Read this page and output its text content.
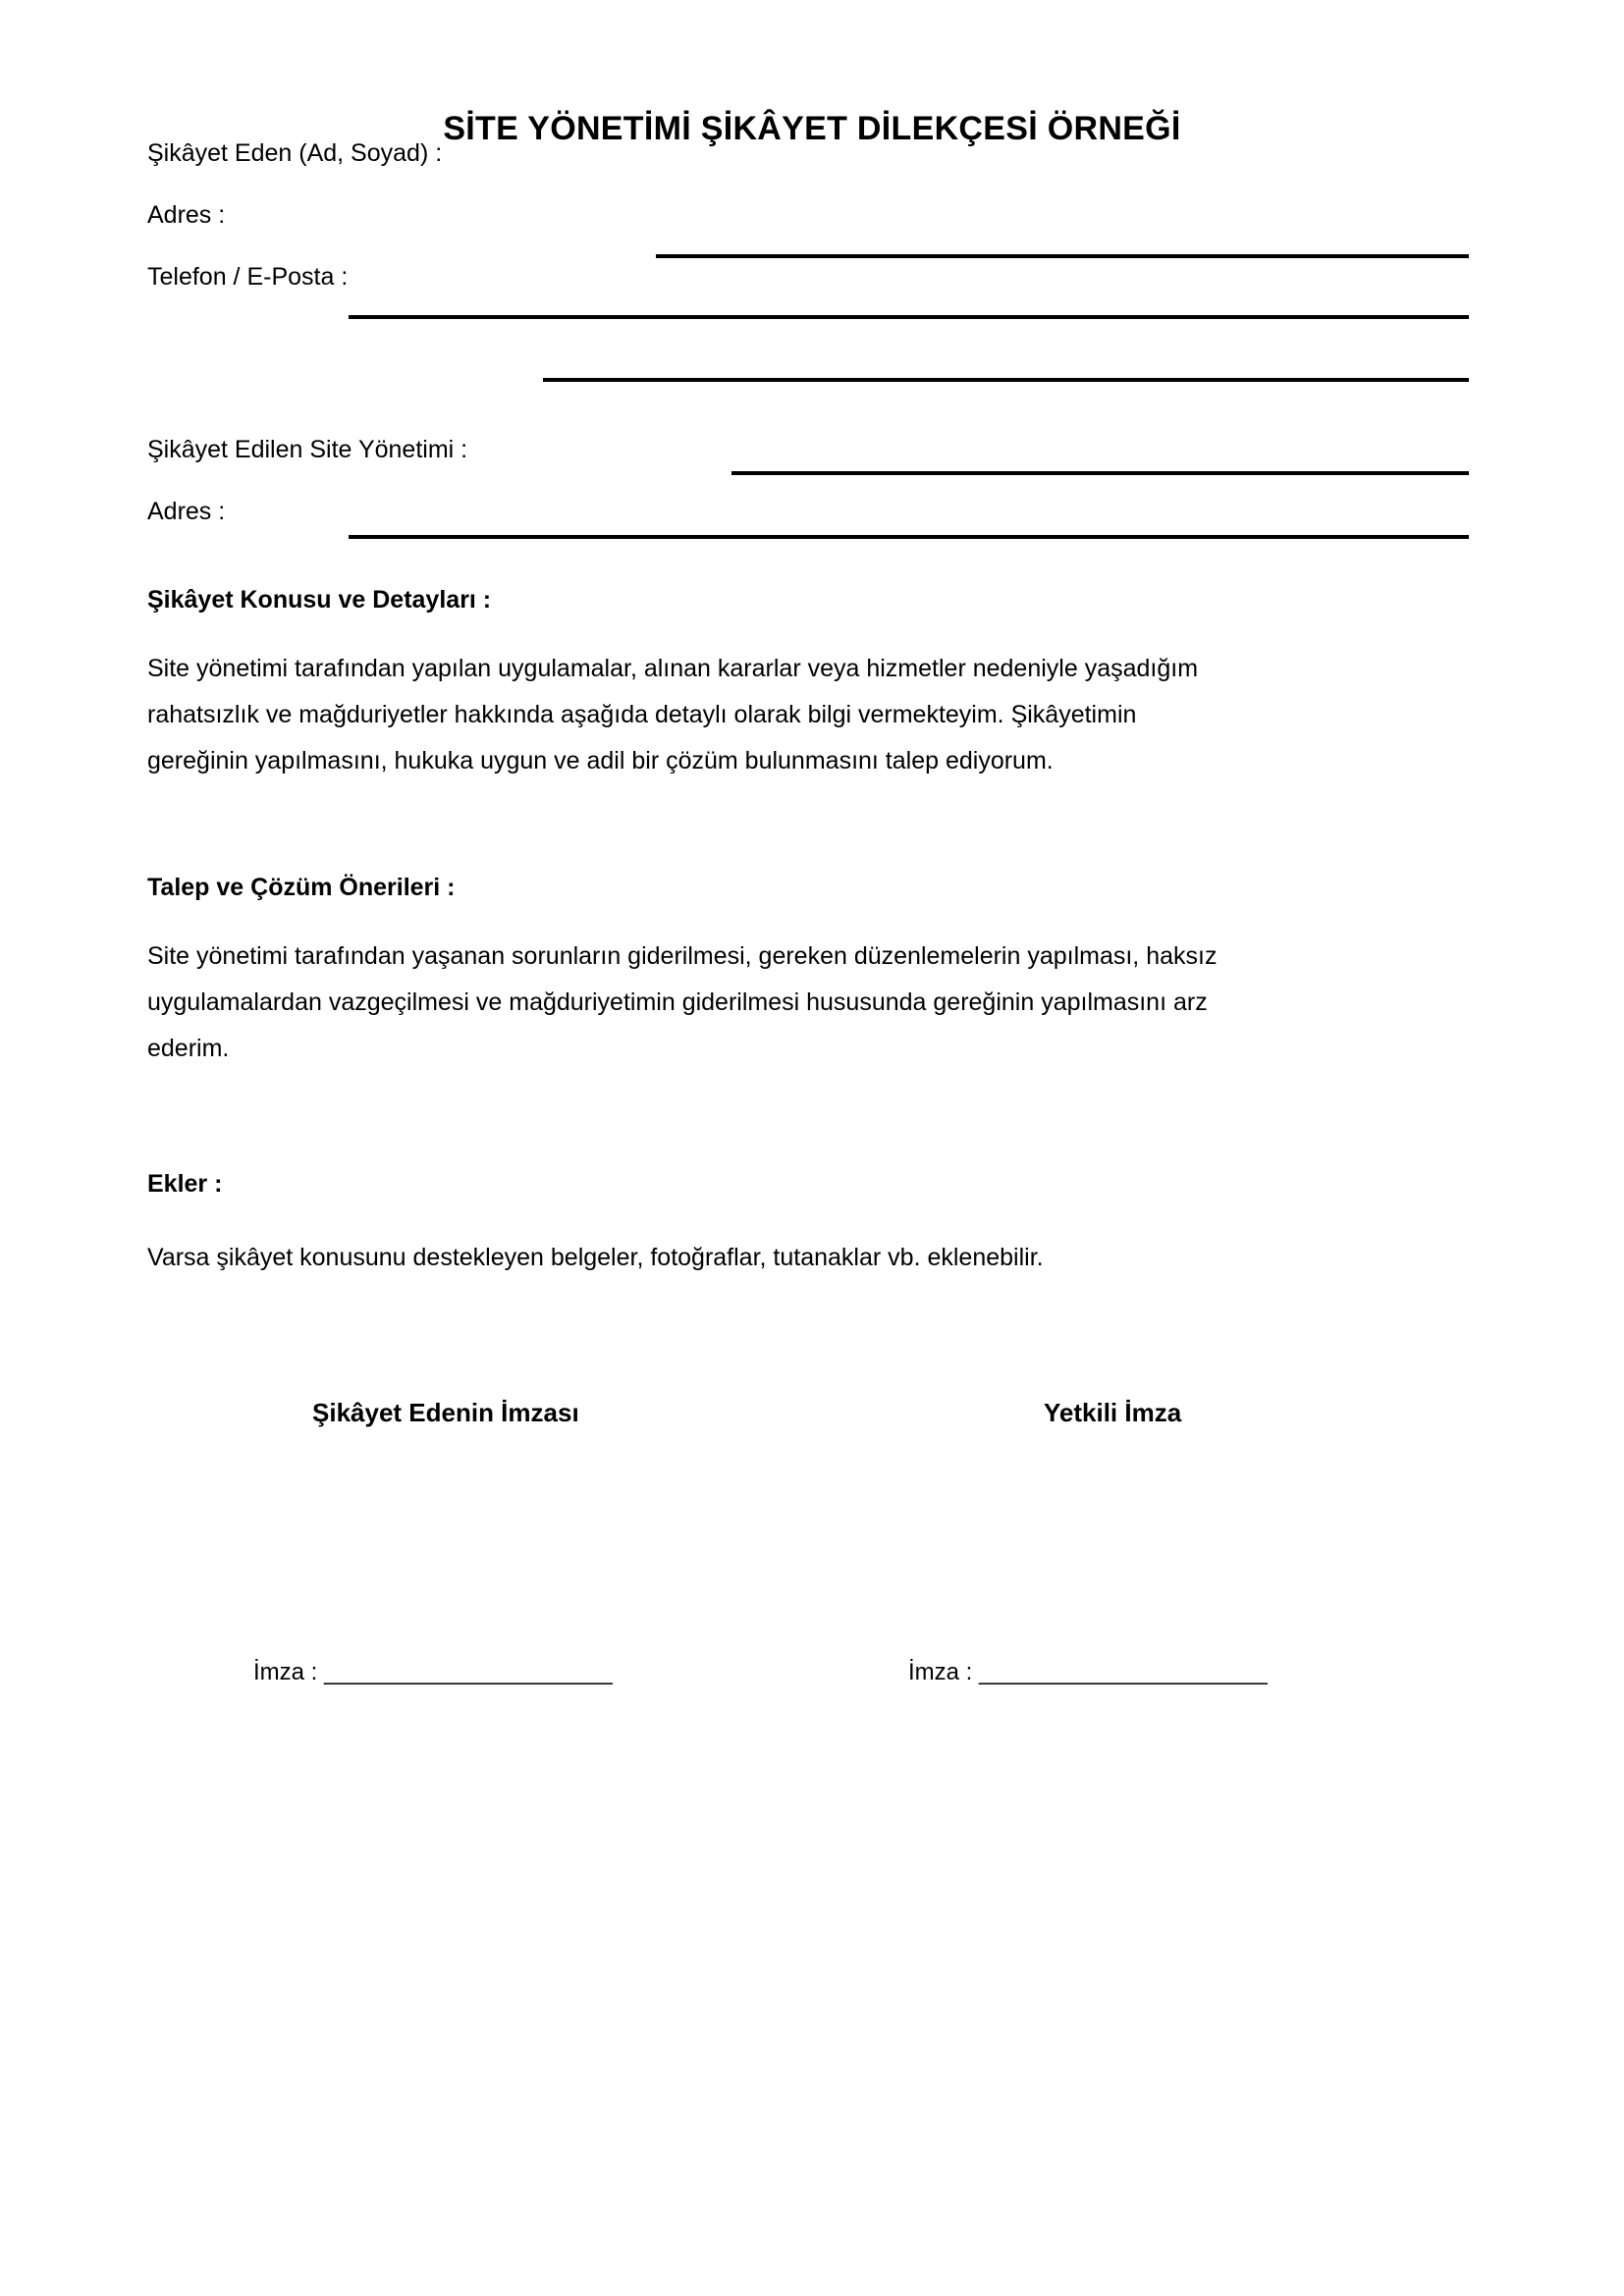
SİTE YÖNETİMİ ŞİKÂYET DİLEKÇESİ ÖRNEĞİ
Şikâyet Eden (Ad, Soyad) :
Adres :
Telefon / E-Posta :
Şikâyet Edilen Site Yönetimi :
Adres :
Şikâyet Konusu ve Detayları :
Site yönetimi tarafından yapılan uygulamalar, alınan kararlar veya hizmetler nedeniyle yaşadığım
rahatsızlık ve mağduriyetler hakkında aşağıda detaylı olarak bilgi vermekteyim. Şikâyetimin
gereğinin yapılmasını, hukuka uygun ve adil bir çözüm bulunmasını talep ediyorum.
Talep ve Çözüm Önerileri :
Site yönetimi tarafından yaşanan sorunların giderilmesi, gereken düzenlemelerin yapılması, haksız
uygulamalardan vazgeçilmesi ve mağduriyetimin giderilmesi hususunda gereğinin yapılmasını arz
ederim.
Ekler :
Varsa şikâyet konusunu destekleyen belgeler, fotoğraflar, tutanaklar vb. eklenebilir.
Şikâyet Edenin İmzası	Yetkili İmza
İmza : ______________________	İmza : ______________________
